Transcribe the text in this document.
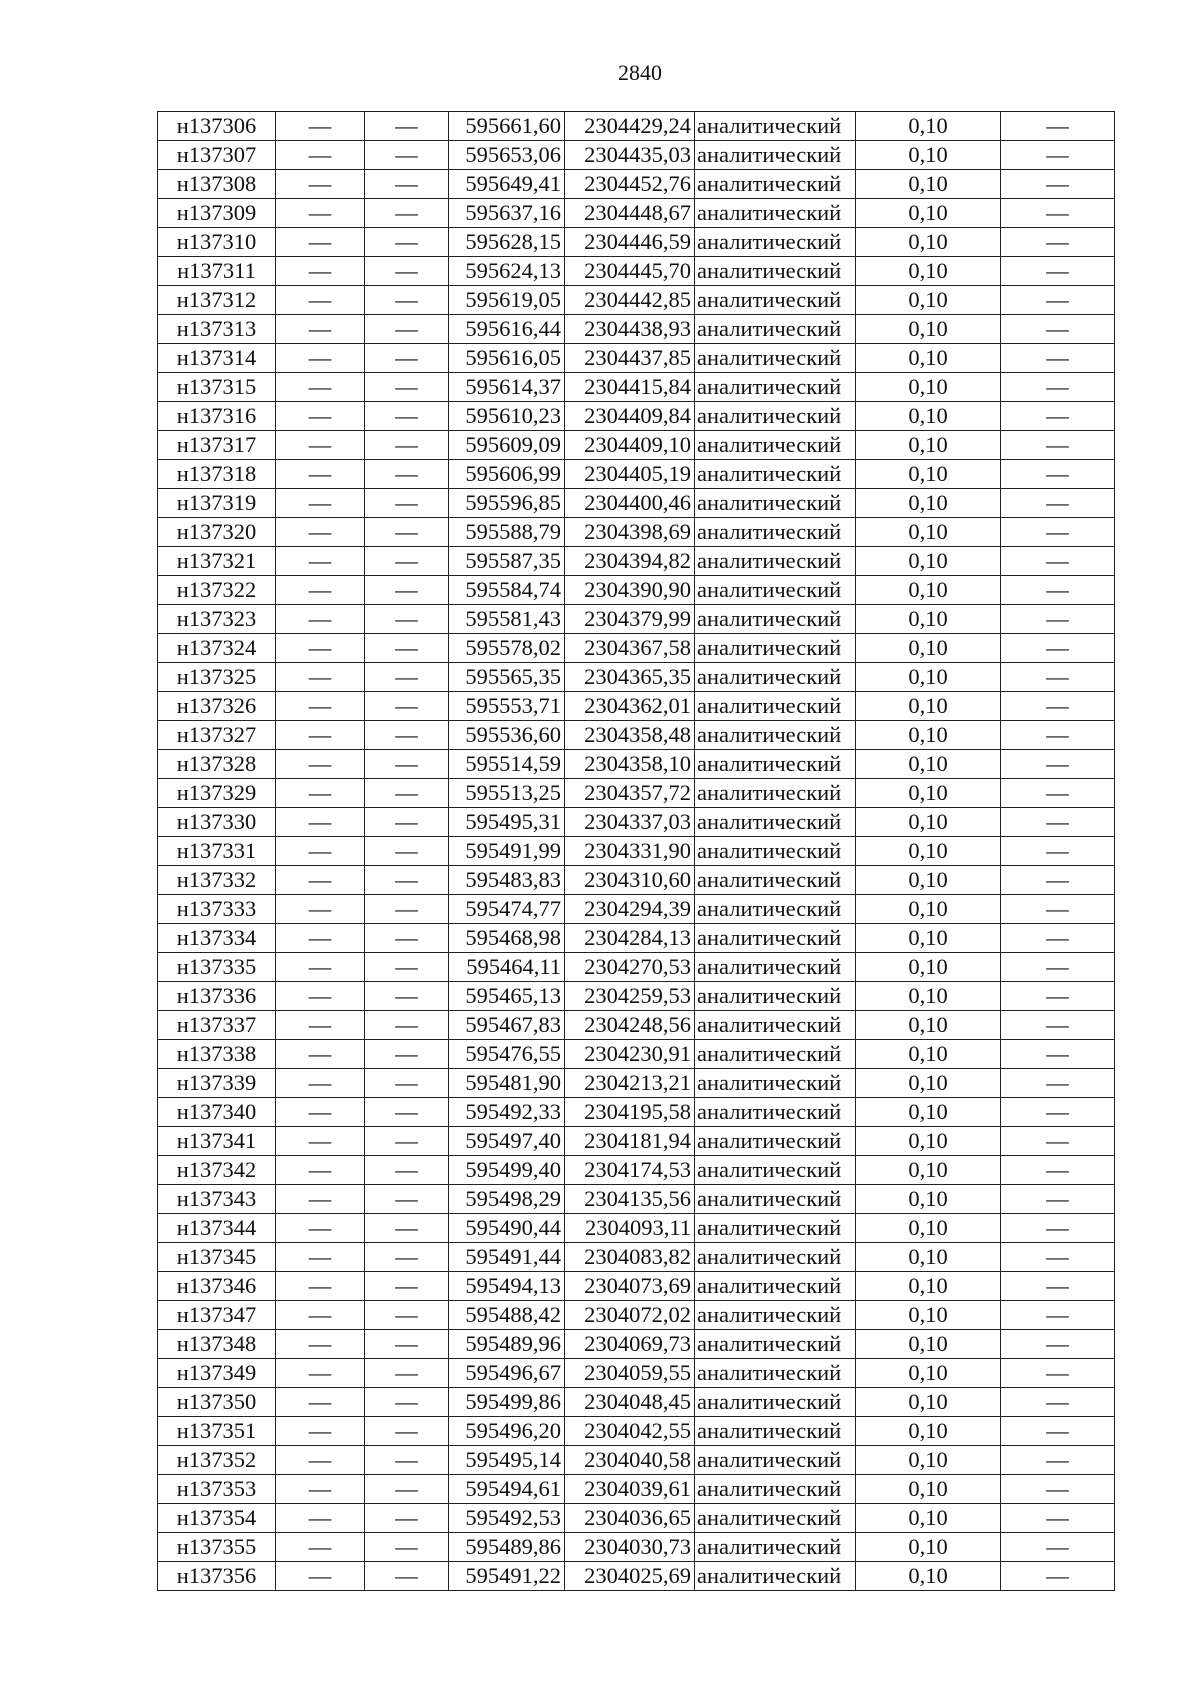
2840
н137306	—	—	595661,60	2304429,24	аналитический	0,10	—
н137307	—	—	595653,06	2304435,03	аналитический	0,10	—
н137308	—	—	595649,41	2304452,76	аналитический	0,10	—
н137309	—	—	595637,16	2304448,67	аналитический	0,10	—
н137310	—	—	595628,15	2304446,59	аналитический	0,10	—
н137311	—	—	595624,13	2304445,70	аналитический	0,10	—
н137312	—	—	595619,05	2304442,85	аналитический	0,10	—
н137313	—	—	595616,44	2304438,93	аналитический	0,10	—
н137314	—	—	595616,05	2304437,85	аналитический	0,10	—
н137315	—	—	595614,37	2304415,84	аналитический	0,10	—
н137316	—	—	595610,23	2304409,84	аналитический	0,10	—
н137317	—	—	595609,09	2304409,10	аналитический	0,10	—
н137318	—	—	595606,99	2304405,19	аналитический	0,10	—
н137319	—	—	595596,85	2304400,46	аналитический	0,10	—
н137320	—	—	595588,79	2304398,69	аналитический	0,10	—
н137321	—	—	595587,35	2304394,82	аналитический	0,10	—
н137322	—	—	595584,74	2304390,90	аналитический	0,10	—
н137323	—	—	595581,43	2304379,99	аналитический	0,10	—
н137324	—	—	595578,02	2304367,58	аналитический	0,10	—
н137325	—	—	595565,35	2304365,35	аналитический	0,10	—
н137326	—	—	595553,71	2304362,01	аналитический	0,10	—
н137327	—	—	595536,60	2304358,48	аналитический	0,10	—
н137328	—	—	595514,59	2304358,10	аналитический	0,10	—
н137329	—	—	595513,25	2304357,72	аналитический	0,10	—
н137330	—	—	595495,31	2304337,03	аналитический	0,10	—
н137331	—	—	595491,99	2304331,90	аналитический	0,10	—
н137332	—	—	595483,83	2304310,60	аналитический	0,10	—
н137333	—	—	595474,77	2304294,39	аналитический	0,10	—
н137334	—	—	595468,98	2304284,13	аналитический	0,10	—
н137335	—	—	595464,11	2304270,53	аналитический	0,10	—
н137336	—	—	595465,13	2304259,53	аналитический	0,10	—
н137337	—	—	595467,83	2304248,56	аналитический	0,10	—
н137338	—	—	595476,55	2304230,91	аналитический	0,10	—
н137339	—	—	595481,90	2304213,21	аналитический	0,10	—
н137340	—	—	595492,33	2304195,58	аналитический	0,10	—
н137341	—	—	595497,40	2304181,94	аналитический	0,10	—
н137342	—	—	595499,40	2304174,53	аналитический	0,10	—
н137343	—	—	595498,29	2304135,56	аналитический	0,10	—
н137344	—	—	595490,44	2304093,11	аналитический	0,10	—
н137345	—	—	595491,44	2304083,82	аналитический	0,10	—
н137346	—	—	595494,13	2304073,69	аналитический	0,10	—
н137347	—	—	595488,42	2304072,02	аналитический	0,10	—
н137348	—	—	595489,96	2304069,73	аналитический	0,10	—
н137349	—	—	595496,67	2304059,55	аналитический	0,10	—
н137350	—	—	595499,86	2304048,45	аналитический	0,10	—
н137351	—	—	595496,20	2304042,55	аналитический	0,10	—
н137352	—	—	595495,14	2304040,58	аналитический	0,10	—
н137353	—	—	595494,61	2304039,61	аналитический	0,10	—
н137354	—	—	595492,53	2304036,65	аналитический	0,10	—
н137355	—	—	595489,86	2304030,73	аналитический	0,10	—
н137356	—	—	595491,22	2304025,69	аналитический	0,10	—
